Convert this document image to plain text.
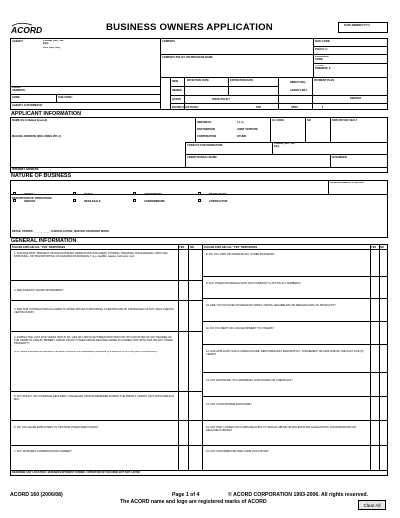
ACORD	BUSINESS OWNERS APPLICATION	DATE (MM/DD/YYYY)
AGENCY	PHONE (A/C, No, Ext):
FAX (A/C, No):
E-MAIL ADDRESS:
CODE:	SUB CODE:
AGENCY CUSTOMER ID:
COMPANY	NAIC CODE:
POLICY #:
COMPANY POLICY OR PROGRAM NAME	PROGRAM CODE:
TOTAL PREMIUM: $
NEW
RENEW
QUOTE
BOUND (GIVE DATE):
ISSUE POLICY
EFFECTIVE DATE	EXPIRATION DATE
DIRECT BILL
AGENCY BILL
PAYMENT PLAN
DEPOSIT
STD	SPEC	$
APPLICANT INFORMATION
NAME (First Named Insured)
MAILING ADDRESS (INCLUDING ZIP+4)
INDIVIDUAL	L.L.C.
PARTNERSHIP	JOINT VENTURE
CORPORATION	OTHER
GL CODE	SIC	FEIN OR SOC SEC #
CONTACT FOR INSPECTION:
PHONE (A/C, No, Ext):
CREDIT BUREAU NAME	ID NUMBER
INTERNET ADDRESS:
NATURE OF BUSINESS
OFFICE
SERVICE
RETAIL
WHOLESALE
APARTMENTS
CONDOMINIUMS
RESTAURANT
CONTRACTOR
DATE BUSINESS STARTED
DESCRIPTION OF OPERATIONS
RETAIL STORES: ___________ % INSTALLATION, SERVICE OR REPAIR WORK
GENERAL INFORMATION
PLEASE EXPLAIN ALL "YES" RESPONSES	YES NO	PLEASE EXPLAIN ALL "YES" RESPONSES	YES NO
1. DO/HAVE PAST, PRESENT OR DISCONTINUED OPERATIONS INVOLVE(D) STORING, TREATING, DISCHARGING, APPLYING, DISPOSING, OR TRANSPORTING OF HAZARDOUS MATERIAL? (e.g. landfills, wastes, fuel tanks, etc)
2. ARE ATHLETIC TEAMS SPONSORED?
3. ARE SUB CONTRACTORS ALLOWED TO WORK WITHOUT PROVIDING A CERTIFICATE OF INSURANCE? (IF NOT, WHO CHECKS CERTIFICATES?
4. DURING THE LAST FIVE YEARS (TEN IN RI), HAS ANY APPLICANT BEEN INDICTED FOR OR CONVICTED OF ANY DEGREE OF THE CRIME OF FRAUD, BRIBERY, ARSON OR ANY OTHER ARSON-RELATED CRIME IN CONNECTION WITH THIS OR ANY OTHER PROPERTY?
(In RI, failure to disclose the existence of an arson conviction is a misdemeanor punishable by a sentence of up to one year of imprisonment).
5. ANY POLICY OR COVERAGE DECLINED, CANCELLED OR NON-RENEWED DURING THE PRIOR 3 YEARS? (NOT APPLICABLE IN MO)
6. DO YOU LEASE EMPLOYEES TO OR FROM OTHER EMPLOYERS?
7. ANY WORKERS COMPENSATION CARRIED?
8. DO YOU OWN OR OPERATE ANY OTHER BUSINESS?
9. ANY OTHER INSURANCE WITH THIS COMPANY? (LIST POLICY NUMBERS)
10. ARE YOU INVOLVED IN MANUFACTURING, MIXING, RELABELING OR REPACKAGING OF PRODUCTS?
11. DO YOU RENT OR LOAN EQUIPMENT TO OTHERS?
12. HAS APPLICANT HAD A FORECLOSURE, REPOSSESSION, BANKRUPTCY, JUDGEMENT OR LIEN DURING THE PAST FIVE (5) YEARS?
13. ANY EXPOSURE TO FLAMMABLES, EXPLOSIVES OR CHEMICALS?
14. ANY CATASTROPHE EXPOSURE?
15. ANY PAST LOSSES OR CLAIMS RELATING TO SEXUAL ABUSE OR MOLESTATION ALLEGATIONS, DISCRIMINATION OR NEGLIGENT HIRING?
16. ANY UNCORRECTED FIRE CODE VIOLATIONS?
DESCRIBE ANY LOCATION / BUSINESS INTEREST OWNED / OPERATED BY INSURED BUT NOT LISTED
ACORD 160 (2006/08)	Page 1 of 4	© ACORD CORPORATION 1993-2006. All rights reserved.
The ACORD name and logo are registered marks of ACORD
Clear All
